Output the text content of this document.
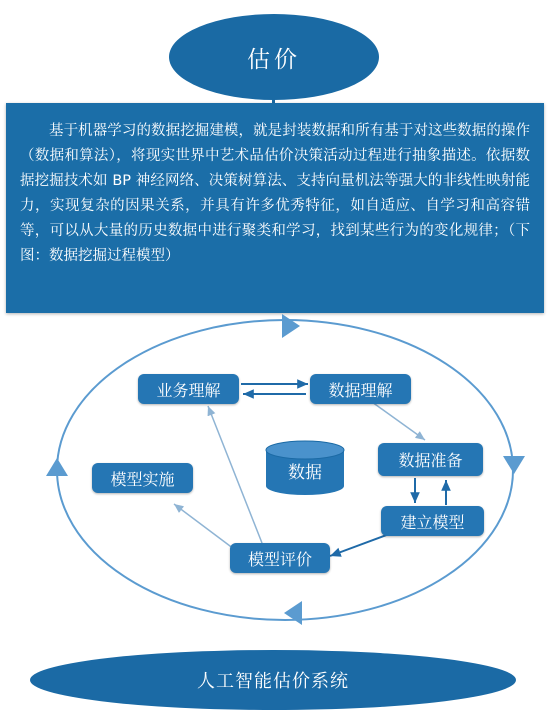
估价
基于机器学习的数据挖掘建模，就是封装数据和所有基于对这些数据的操作（数据和算法），将现实世界中艺术品估价决策活动过程进行抽象描述。依据数据挖掘技术如 BP 神经网络、决策树算法、支持向量机法等强大的非线性映射能力，实现复杂的因果关系，并具有许多优秀特征，如自适应、自学习和高容错等，可以从大量的历史数据中进行聚类和学习，找到某些行为的变化规律；（下图：数据挖掘过程模型）
数据
业务理解	数据理解
数据准备
建立模型
模型评价
模型实施
人工智能估价系统
